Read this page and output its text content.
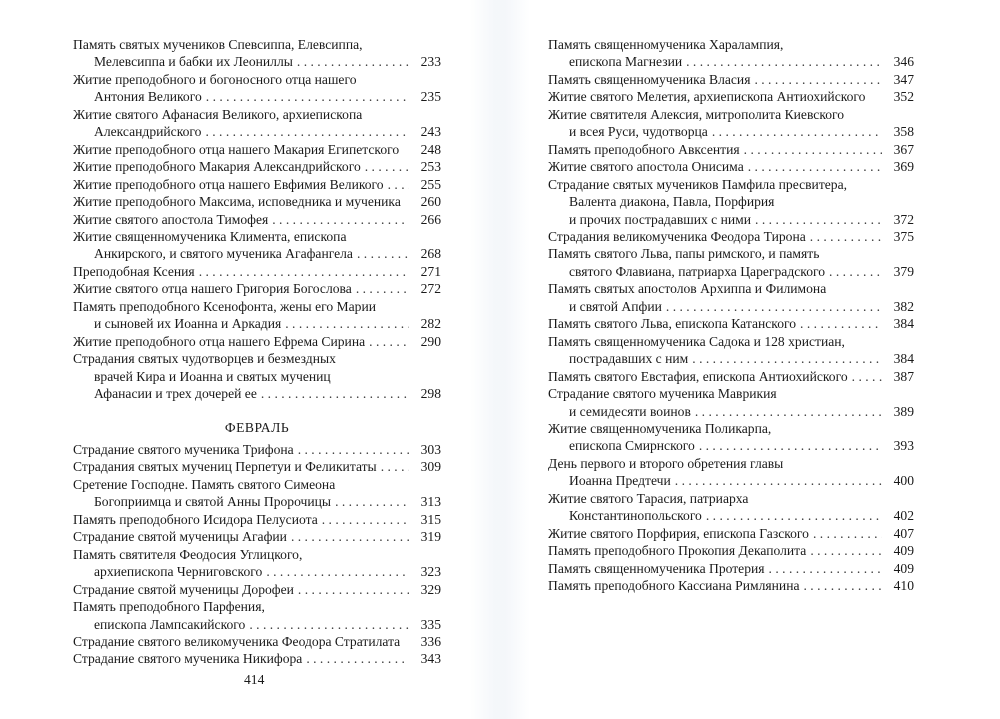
Память святых мучеников Спевсиппа, Елевсиппа,
Мелевсиппа и бабки их Леониллы . . .	233
Житие преподобного и богоносного отца нашего
Антония Великого . . .	235
Житие святого Афанасия Великого, архиепископа
Александрийского . . .	243
Житие преподобного отца нашего Макария Египетского	248
Житие преподобного Макария Александрийского . . .	253
Житие преподобного отца нашего Евфимия Великого . . .	255
Житие преподобного Максима, исповедника и мученика	260
Житие святого апостола Тимофея . . .	266
Житие священномученика Климента, епископа
Анкирского, и святого мученика Агафангела . . .	268
Преподобная Ксения . . .	271
Житие святого отца нашего Григория Богослова . . .	272
Память преподобного Ксенофонта, жены его Марии
и сыновей их Иоанна и Аркадия . . .	282
Житие преподобного отца нашего Ефрема Сирина . . .	290
Страдания святых чудотворцев и безмездных
врачей Кира и Иоанна и святых мучениц
Афанасии и трех дочерей ее . . .	298
ФЕВРАЛЬ
Страдание святого мученика Трифона . . .	303
Страдания святых мучениц Перпетуи и Феликитаты . . .	309
Сретение Господне. Память святого Симеона
Богоприимца и святой Анны Пророчицы . . .	313
Память преподобного Исидора Пелусиота . . .	315
Страдание святой мученицы Агафии . . .	319
Память святителя Феодосия Углицкого,
архиепископа Черниговского . . .	323
Страдание святой мученицы Дорофеи . . .	329
Память преподобного Парфения,
епископа Лампсакийского . . .	335
Страдание святого великомученика Феодора Стратилата	336
Страдание святого мученика Никифора . . .	343
414
Память священномученика Харалампия,
епископа Магнезии . . .	346
Память священномученика Власия . . .	347
Житие святого Мелетия, архиепископа Антиохийского	352
Житие святителя Алексия, митрополита Киевского
и всея Руси, чудотворца . . .	358
Память преподобного Авксентия . . .	367
Житие святого апостола Онисима . . .	369
Страдание святых мучеников Памфила пресвитера,
Валента диакона, Павла, Порфирия
и прочих пострадавших с ними . . .	372
Страдания великомученика Феодора Тирона . . .	375
Память святого Льва, папы римского, и память
святого Флавиана, патриарха Цареградского . . .	379
Память святых апостолов Архиппа и Филимона
и святой Апфии . . .	382
Память святого Льва, епископа Катанского . . .	384
Память священномученика Садока и 128 христиан,
пострадавших с ним . . .	384
Память святого Евстафия, епископа Антиохийского . . .	387
Страдание святого мученика Маврикия
и семидесяти воинов . . .	389
Житие священномученика Поликарпа,
епископа Смирнского . . .	393
День первого и второго обретения главы
Иоанна Предтечи . . .	400
Житие святого Тарасия, патриарха
Константинопольского . . .	402
Житие святого Порфирия, епископа Газского . . .	407
Память преподобного Прокопия Декаполита . . .	409
Память священномученика Протерия . . .	409
Память преподобного Кассиана Римлянина . . .	410
